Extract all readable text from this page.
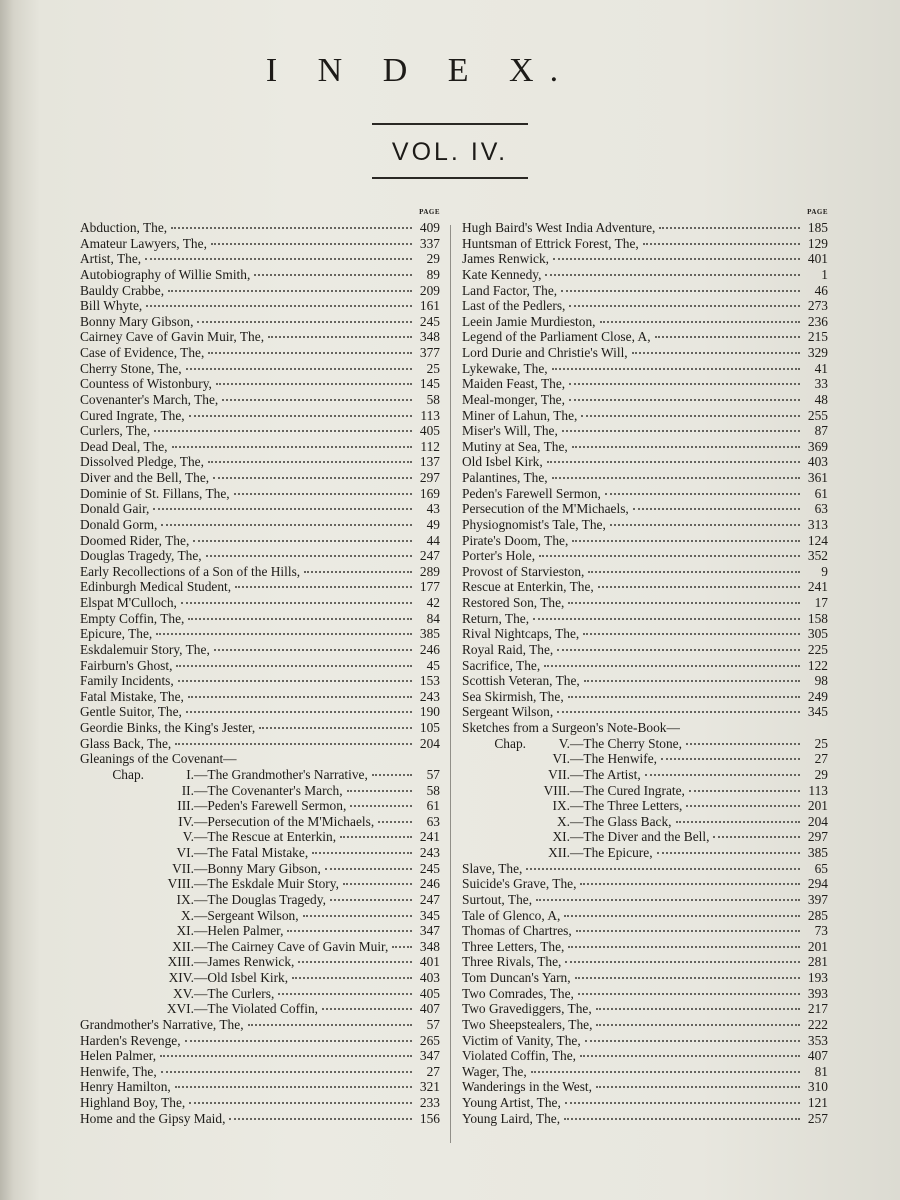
I N D E X.
VOL. IV.
PAGE
Abduction, The,	409
Amateur Lawyers, The,	337
Artist, The,	29
Autobiography of Willie Smith,	89
Bauldy Crabbe,	209
Bill Whyte,	161
Bonny Mary Gibson,	245
Cairney Cave of Gavin Muir, The,	348
Case of Evidence, The,	377
Cherry Stone, The,	25
Countess of Wistonbury,	145
Covenanter's March, The,	58
Cured Ingrate, The,	113
Curlers, The,	405
Dead Deal, The,	112
Dissolved Pledge, The,	137
Diver and the Bell, The,	297
Dominie of St. Fillans, The,	169
Donald Gair,	43
Donald Gorm,	49
Doomed Rider, The,	44
Douglas Tragedy, The,	247
Early Recollections of a Son of the Hills,	289
Edinburgh Medical Student,	177
Elspat M'Culloch,	42
Empty Coffin, The,	84
Epicure, The,	385
Eskdalemuir Story, The,	246
Fairburn's Ghost,	45
Family Incidents,	153
Fatal Mistake, The,	243
Gentle Suitor, The,	190
Geordie Binks, the King's Jester,	105
Glass Back, The,	204
Gleanings of the Covenant—
Chap.	I. —The Grandmother's Narrative,	57
II. —The Covenanter's March,	58
III. —Peden's Farewell Sermon,	61
IV. —Persecution of the M'Michaels,	63
V. —The Rescue at Enterkin,	241
VI. —The Fatal Mistake,	243
VII. —Bonny Mary Gibson,	245
VIII. —The Eskdale Muir Story,	246
IX. —The Douglas Tragedy,	247
X. —Sergeant Wilson,	345
XI. —Helen Palmer,	347
XII. —The Cairney Cave of Gavin Muir, 348
XIII. —James Renwick,	401
XIV. —Old Isbel Kirk,	403
XV. —The Curlers,	405
XVI. —The Violated Coffin,	407
Grandmother's Narrative, The,	57
Harden's Revenge,	265
Helen Palmer,	347
Henwife, The,	27
Henry Hamilton,	321
Highland Boy, The,	233
Home and the Gipsy Maid,	156
PAGE
Hugh Baird's West India Adventure,	185
Huntsman of Ettrick Forest, The,	129
James Renwick,	401
Kate Kennedy,	1
Land Factor, The,	46
Last of the Pedlers,	273
Leein Jamie Murdieston,	236
Legend of the Parliament Close, A,	215
Lord Durie and Christie's Will,	329
Lykewake, The,	41
Maiden Feast, The,	33
Meal-monger, The,	48
Miner of Lahun, The,	255
Miser's Will, The,	87
Mutiny at Sea, The,	369
Old Isbel Kirk,	403
Palantines, The,	361
Peden's Farewell Sermon,	61
Persecution of the M'Michaels,	63
Physiognomist's Tale, The,	313
Pirate's Doom, The,	124
Porter's Hole,	352
Provost of Starvieston,	9
Rescue at Enterkin, The,	241
Restored Son, The,	17
Return, The,	158
Rival Nightcaps, The,	305
Royal Raid, The,	225
Sacrifice, The,	122
Scottish Veteran, The,	98
Sea Skirmish, The,	249
Sergeant Wilson,	345
Sketches from a Surgeon's Note-Book—
Chap.	V. —The Cherry Stone,	25
VI. —The Henwife,	27
VII. —The Artist,	29
VIII. —The Cured Ingrate,	113
IX. —The Three Letters,	201
X. —The Glass Back,	204
XI. —The Diver and the Bell,	297
XII. —The Epicure,	385
Slave, The,	65
Suicide's Grave, The,	294
Surtout, The,	397
Tale of Glenco, A,	285
Thomas of Chartres,	73
Three Letters, The,	201
Three Rivals, The,	281
Tom Duncan's Yarn,	193
Two Comrades, The,	393
Two Gravediggers, The,	217
Two Sheepstealers, The,	222
Victim of Vanity, The,	353
Violated Coffin, The,	407
Wager, The,	81
Wanderings in the West,	310
Young Artist, The,	121
Young Laird, The,	257
